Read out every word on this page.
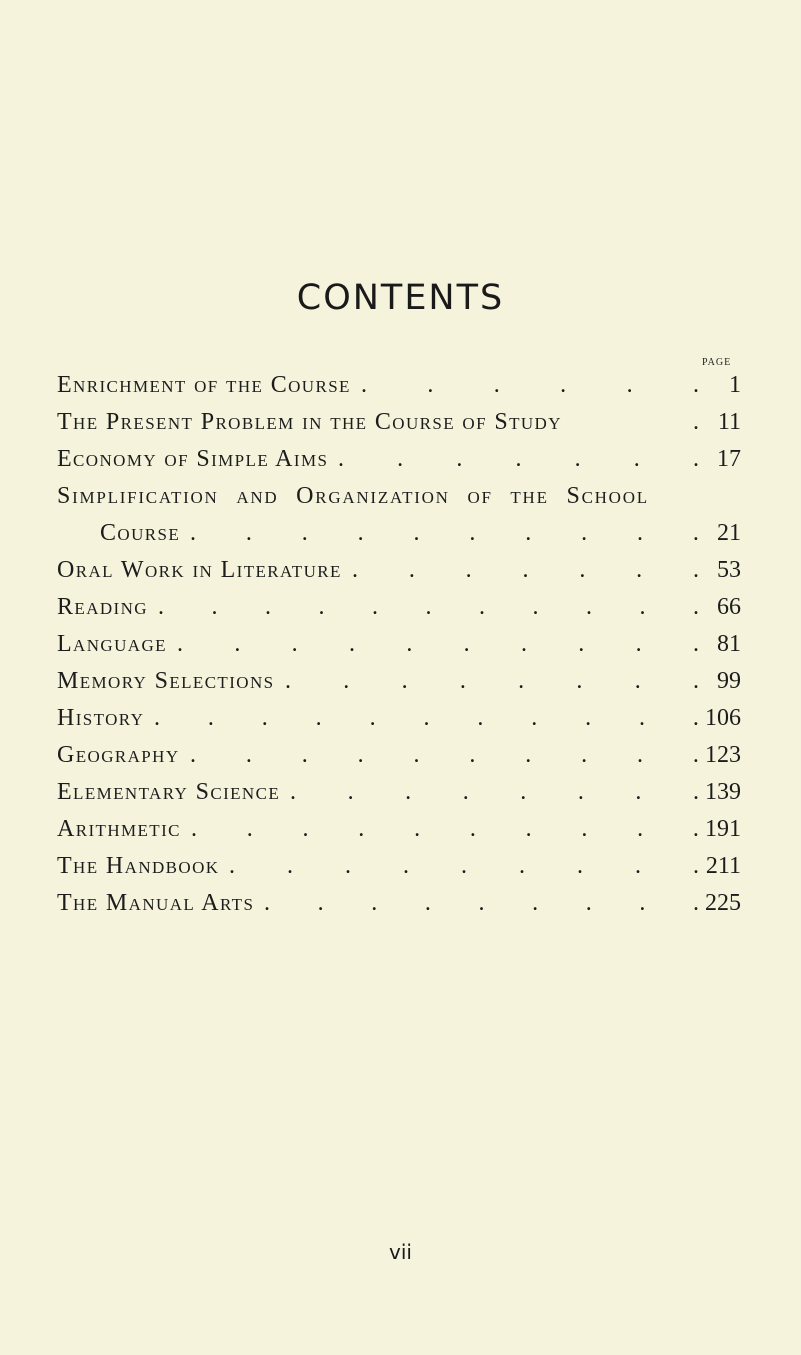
CONTENTS
PAGE
Enrichment of the Course .	.	.	.	.	. 1
The Present Problem in the Course of Study	. 11
Economy of Simple Aims . . . . . . . 17
Simplification and Organization of the School
Course . . . . . . . . . . 21
Oral Work in Literature . . . . . . . 53
Reading . . . . . . . . . . . 66
Language . . . . . . . . . . 81
Memory Selections . . . . . . . . 99
History . . . . . . . . . . . 106
Geography . . . . . . . . . . 123
Elementary Science . . . . . . . . 139
Arithmetic . . . . . . . . . . 191
The Handbook . . . . . . . . . 211
The Manual Arts . . . . . . . . . 225
vii
